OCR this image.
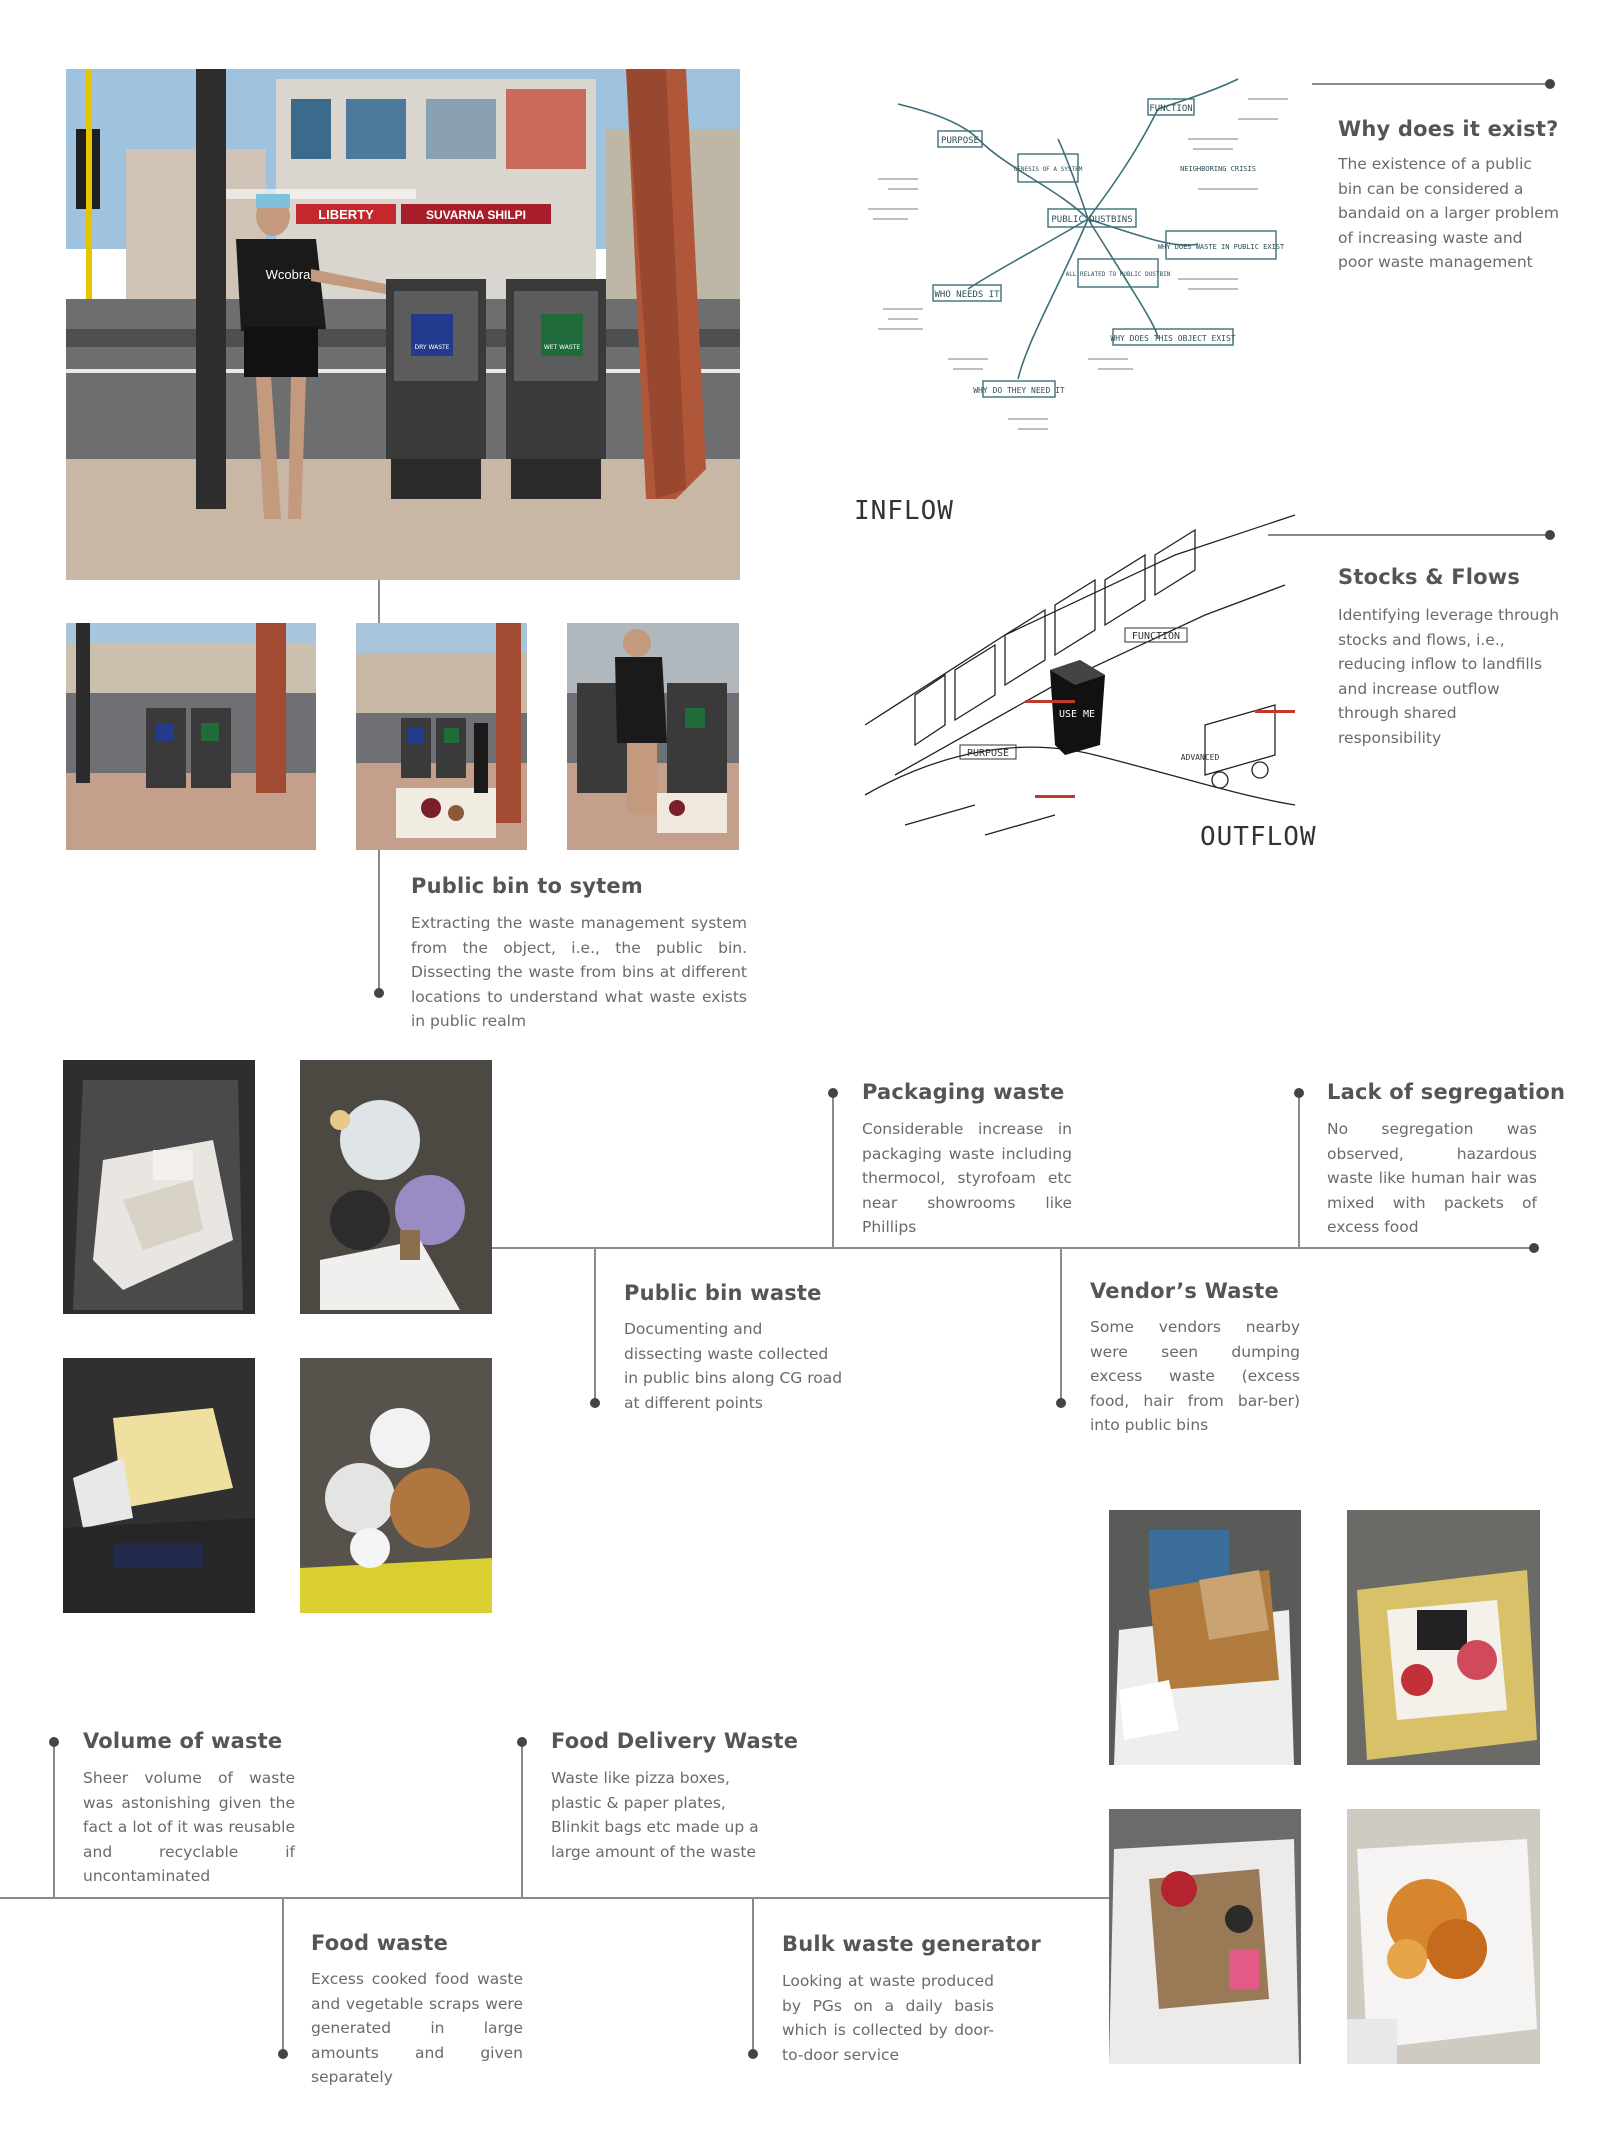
LIBERTY	SUVARNA SHILPI
Wcobra
DRY WASTE	WET WASTE
Public bin to sytem
Extracting the waste management system from the object, i.e., the public bin. Dissecting the waste from bins at different locations to understand what waste exists in public realm
PUBLIC DUSTBINS
PURPOSE
FUNCTION
WHO NEEDS IT
WHY DO THEY NEED IT
WHY DOES THIS OBJECT EXIST
WHY DOES WASTE IN PUBLIC EXIST
ALL RELATED TO PUBLIC DUSTBIN
NEIGHBORING CRISIS
GENESIS OF A SYSTEM
Why does it exist?
The existence of a public bin can be considered a bandaid on a larger problem of increasing waste and poor waste management
USE ME
FUNCTION
PURPOSE	ADVANCED
INFLOW
OUTFLOW
Stocks & Flows
Identifying leverage through stocks and flows, i.e., reducing inflow to landfills and increase outflow through shared responsibility
Packaging waste
Considerable increase in packaging waste including thermocol, styrofoam etc near showrooms like Phillips
Lack of segregation
No segregation was observed, hazardous waste like human hair was mixed with packets of excess food
Public bin waste
Documenting and dissecting waste collected in public bins along CG road at different points
Vendor’s Waste
Some vendors nearby were seen dumping excess waste (excess food, hair from bar-ber) into public bins
Volume of waste
Sheer volume of waste was astonishing given the fact a lot of it was reusable and recyclable if uncontaminated
Food Delivery Waste
Waste like pizza boxes, plastic & paper plates, Blinkit bags etc made up a large amount of the waste
Food waste
Excess cooked food waste and vegetable scraps were generated in large amounts and given separately
Bulk waste generator
Looking at waste produced by PGs on a daily basis which is collected by door-to-door service
